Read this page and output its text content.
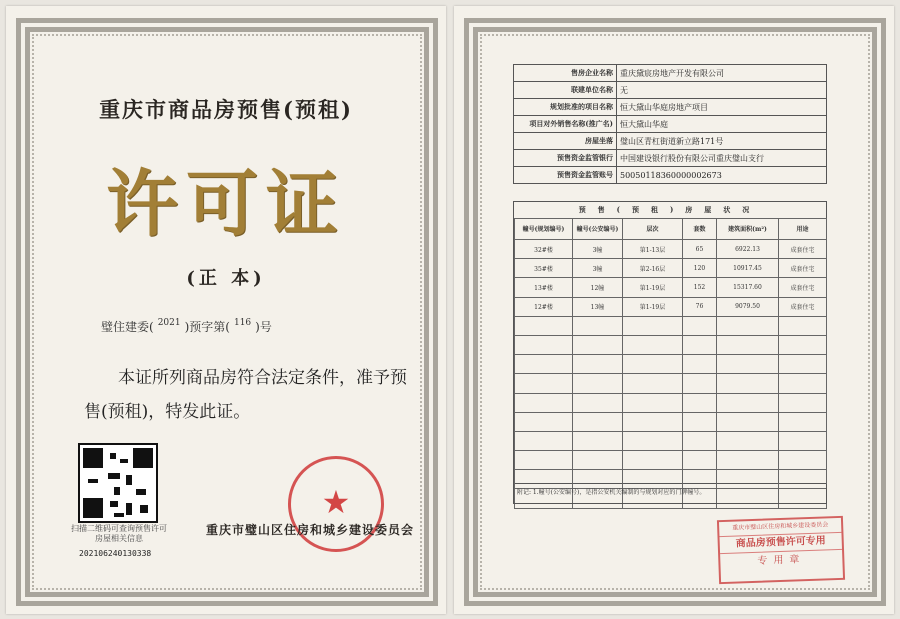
重庆市商品房预售(预租)
许可证
(正 本)
璧住建委( $^{2021}$ )预字第( $^{116}$ )号
本证所列商品房符合法定条件，准予预售(预租)，特发此证。
扫描二维码可查询预售许可房屋相关信息
20210624013033​8
★
重庆市璧山区住房和城乡建设委员会
售房企业名称	重庆黛宸房地产开发有限公司
联建单位名称	无
规划批准的项目名称	恒大黛山华庭房地产项目
项目对外销售名称(推广名)	恒大黛山华庭
房屋坐落	璧山区青杠街道新立路171号
预售资金监管银行	中国建设银行股份有限公司重庆璧山支行
预售资金监管账号	50050118360000002673
预售(预租)房屋状况
幢号(规划编号)	幢号(公安编号)	层次	套数	建筑面积(m²)	用途
32#楼	3幢	第1-13层	65	6922.13	成套住宅
35#楼	3幢	第2-16层	120	10917.45	成套住宅
13#楼	12幢	第1-19层	152	15317.60	成套住宅
12#楼	13幢	第1-19层	76	9079.50	成套住宅

附记: 1.幢号(公安编号)，是指公安机关编制的与规划对应的门牌幢号。
重庆市璧山区住房和城乡建设委员会
商品房预售许可专用
专用章
